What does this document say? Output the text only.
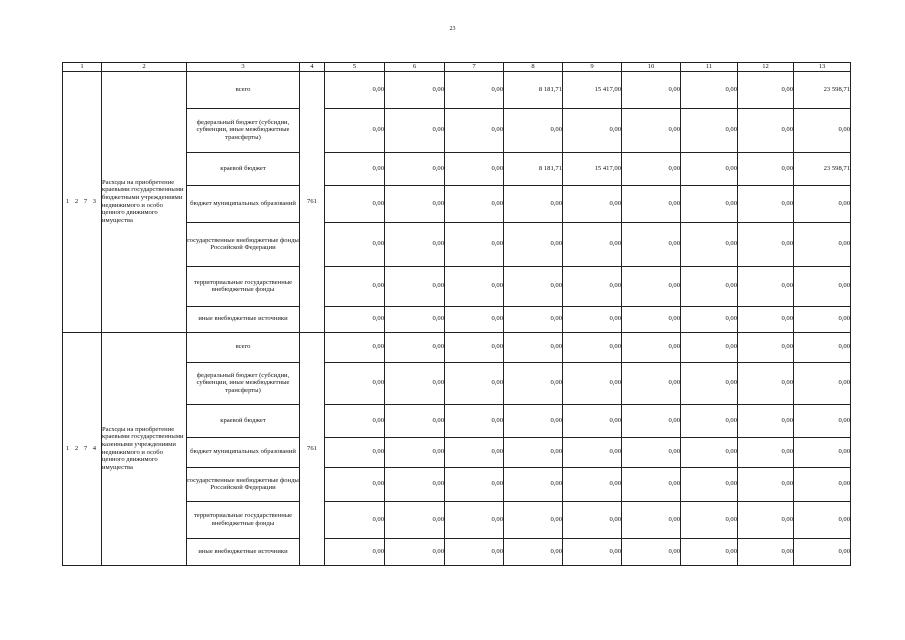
23
1	2	3	4	5	6	7	8	9	10	11	12	13
1 2 7 3	Расходы на приобретение краевыми государственными бюджетными учреждениями недвижимого и особо ценного движимого имущества	всего	761	0,00	0,00	0,00	8 181,71	15 417,00	0,00	0,00	0,00	23 598,71
		федеральный бюджет (субсидии, субвенции, иные межбюджетные трансферты)		0,00	0,00	0,00	0,00	0,00	0,00	0,00	0,00	0,00
		краевой бюджет		0,00	0,00	0,00	8 181,71	15 417,00	0,00	0,00	0,00	23 598,71
		бюджет муниципальных образований		0,00	0,00	0,00	0,00	0,00	0,00	0,00	0,00	0,00
		государственные внебюджетные фонды Российской Федерации		0,00	0,00	0,00	0,00	0,00	0,00	0,00	0,00	0,00
		территориальные государственные внебюджетные фонды		0,00	0,00	0,00	0,00	0,00	0,00	0,00	0,00	0,00
		иные внебюджетные источники		0,00	0,00	0,00	0,00	0,00	0,00	0,00	0,00	0,00
1 2 7 4	Расходы на приобретение краевыми государственными казенными учреждениями недвижимого и особо ценного движимого имущества	всего	761	0,00	0,00	0,00	0,00	0,00	0,00	0,00	0,00	0,00
		федеральный бюджет (субсидии, субвенции, иные межбюджетные трансферты)		0,00	0,00	0,00	0,00	0,00	0,00	0,00	0,00	0,00
		краевой бюджет		0,00	0,00	0,00	0,00	0,00	0,00	0,00	0,00	0,00
		бюджет муниципальных образований		0,00	0,00	0,00	0,00	0,00	0,00	0,00	0,00	0,00
		государственные внебюджетные фонды Российской Федерации		0,00	0,00	0,00	0,00	0,00	0,00	0,00	0,00	0,00
		территориальные государственные внебюджетные фонды		0,00	0,00	0,00	0,00	0,00	0,00	0,00	0,00	0,00
		иные внебюджетные источники		0,00	0,00	0,00	0,00	0,00	0,00	0,00	0,00	0,00
